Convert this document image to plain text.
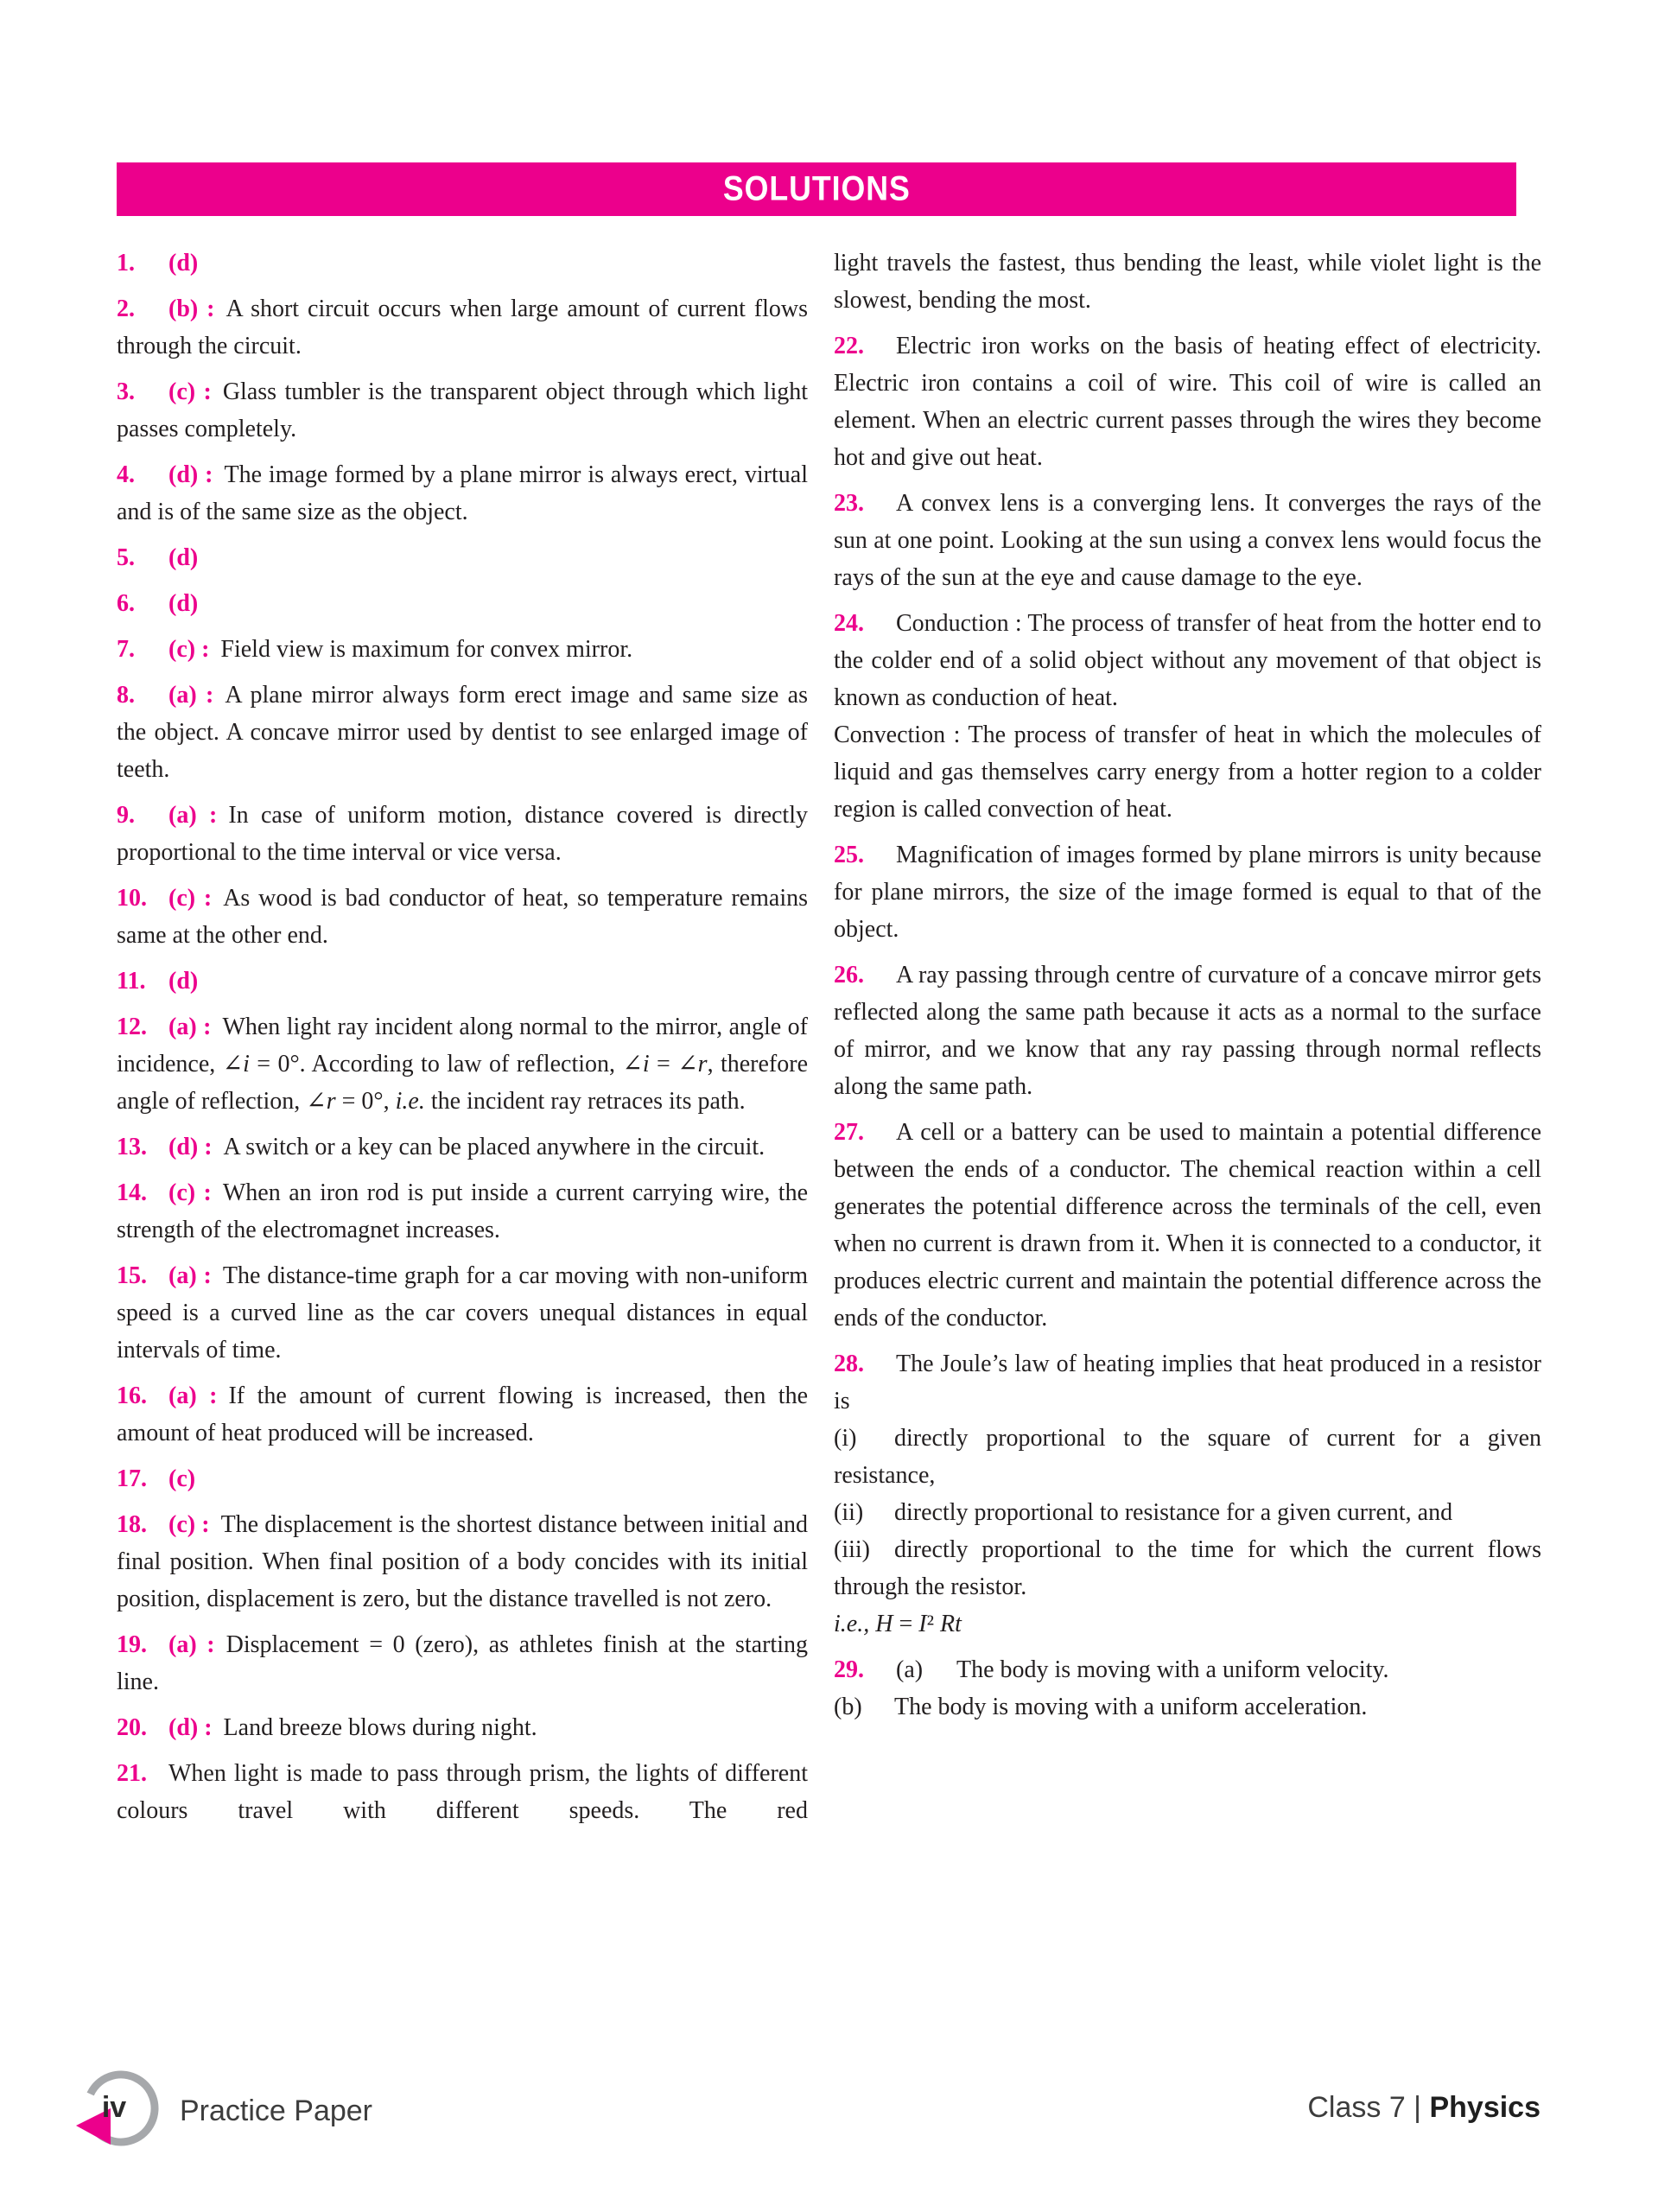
SOLUTIONS

1. (d)

2. (b) : A short circuit occurs when large amount of current flows through the circuit.

3. (c) : Glass tumbler is the transparent object through which light passes completely.

4. (d) : The image formed by a plane mirror is always erect, virtual and is of the same size as the object.

5. (d)

6. (d)

7. (c) : Field view is maximum for convex mirror.

8. (a) : A plane mirror always form erect image and same size as the object. A concave mirror used by dentist to see enlarged image of teeth.

9. (a) : In case of uniform motion, distance covered is directly proportional to the time interval or vice versa.

10. (c) : As wood is bad conductor of heat, so temperature remains same at the other end.

11. (d)

12. (a) : When light ray incident along normal to the mirror, angle of incidence, ∠i = 0°. According to law of reflection, ∠i = ∠r, therefore angle of reflection, ∠r = 0°, i.e. the incident ray retraces its path.

13. (d) : A switch or a key can be placed anywhere in the circuit.

14. (c) : When an iron rod is put inside a current carrying wire, the strength of the electromagnet increases.

15. (a) : The distance-time graph for a car moving with non-uniform speed is a curved line as the car covers unequal distances in equal intervals of time.

16. (a) : If the amount of current flowing is increased, then the amount of heat produced will be increased.

17. (c)

18. (c) : The displacement is the shortest distance between initial and final position. When final position of a body concides with its initial position, displacement is zero, but the distance travelled is not zero.

19. (a) : Displacement = 0 (zero), as athletes finish at the starting line.

20. (d) : Land breeze blows during night.

21. When light is made to pass through prism, the lights of different colours travel with different speeds. The red

light travels the fastest, thus bending the least, while violet light is the slowest, bending the most.

22. Electric iron works on the basis of heating effect of electricity. Electric iron contains a coil of wire. This coil of wire is called an element. When an electric current passes through the wires they become hot and give out heat.

23. A convex lens is a converging lens. It converges the rays of the sun at one point. Looking at the sun using a convex lens would focus the rays of the sun at the eye and cause damage to the eye.

24. Conduction : The process of transfer of heat from the hotter end to the colder end of a solid object without any movement of that object is known as conduction of heat.

Convection : The process of transfer of heat in which the molecules of liquid and gas themselves carry energy from a hotter region to a colder region is called convection of heat.

25. Magnification of images formed by plane mirrors is unity because for plane mirrors, the size of the image formed is equal to that of the object.

26. A ray passing through centre of curvature of a concave mirror gets reflected along the same path because it acts as a normal to the surface of mirror, and we know that any ray passing through normal reflects along the same path.

27. A cell or a battery can be used to maintain a potential difference between the ends of a conductor. The chemical reaction within a cell generates the potential difference across the terminals of the cell, even when no current is drawn from it. When it is connected to a conductor, it produces electric current and maintain the potential difference across the ends of the conductor.

28. The Joule’s law of heating implies that heat produced in a resistor is

(i) directly proportional to the square of current for a given resistance,

(ii) directly proportional to resistance for a given current, and

(iii) directly proportional to the time for which the current flows through the resistor.

i.e., H = I² Rt

29. (a) The body is moving with a uniform velocity.

(b) The body is moving with a uniform acceleration.

iv	Practice Paper	Class 7 | Physics
